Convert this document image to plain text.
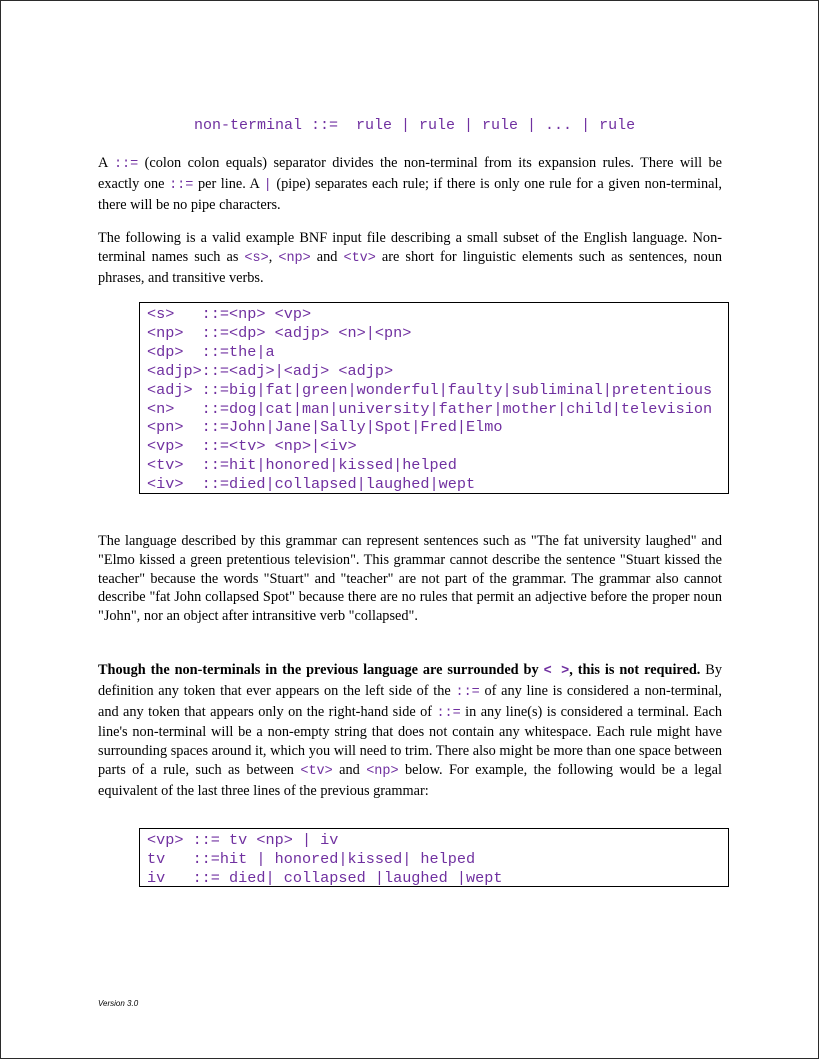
non-terminal ::=  rule | rule | rule | ... | rule

A ::= (colon colon equals) separator divides the non-terminal from its expansion rules. There will be exactly one ::= per line. A | (pipe) separates each rule; if there is only one rule for a given non-terminal, there will be no pipe characters.

The following is a valid example BNF input file describing a small subset of the English language. Non-terminal names such as <s>, <np> and <tv> are short for linguistic elements such as sentences, noun phrases, and transitive verbs.

<s>   ::=<np> <vp>
<np>  ::=<dp> <adjp> <n>|<pn>
<dp>  ::=the|a
<adjp>::=<adj>|<adj> <adjp>
<adj> ::=big|fat|green|wonderful|faulty|subliminal|pretentious
<n>   ::=dog|cat|man|university|father|mother|child|television
<pn>  ::=John|Jane|Sally|Spot|Fred|Elmo
<vp>  ::=<tv> <np>|<iv>
<tv>  ::=hit|honored|kissed|helped
<iv>  ::=died|collapsed|laughed|wept

The language described by this grammar can represent sentences such as "The fat university laughed" and "Elmo kissed a green pretentious television". This grammar cannot describe the sentence "Stuart kissed the teacher" because the words "Stuart" and "teacher" are not part of the grammar. The grammar also cannot describe "fat John collapsed Spot" because there are no rules that permit an adjective before the proper noun "John", nor an object after intransitive verb "collapsed".

Though the non-terminals in the previous language are surrounded by < >, this is not required. By definition any token that ever appears on the left side of the ::= of any line is considered a non-terminal, and any token that appears only on the right-hand side of ::= in any line(s) is considered a terminal. Each line's non-terminal will be a non-empty string that does not contain any whitespace. Each rule might have surrounding spaces around it, which you will need to trim. There also might be more than one space between parts of a rule, such as between <tv> and <np> below. For example, the following would be a legal equivalent of the last three lines of the previous grammar:

<vp> ::= tv <np> | iv
tv   ::=hit | honored|kissed| helped
iv   ::= died| collapsed |laughed |wept
Version 3.0
